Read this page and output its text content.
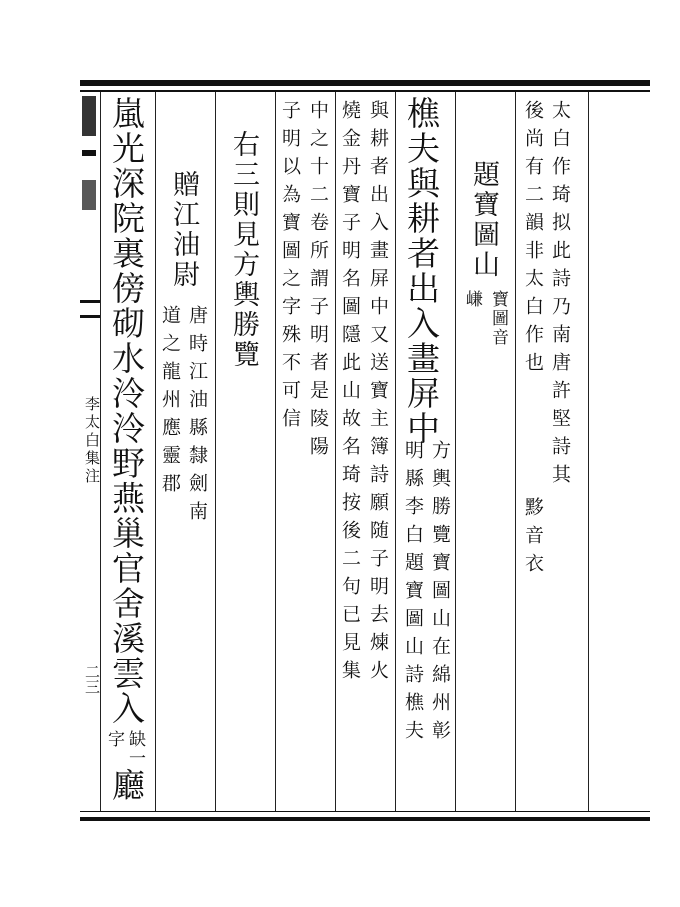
李太白集注
二三
太白作琦拟此詩乃南唐許堅詩其
後尚有二韻非太白作也
黟音衣
題寶圖山
寶圖音
嵰
樵夫與耕者出入畫屏中
方輿勝覽寶圖山在綿州彰
明縣李白題寶圖山詩樵夫
與耕者出入畫屏中又送寶主簿詩願随子明去煉火
燒金丹寶子明名圖隱此山故名琦按後二句已見集
中之十二卷所謂子明者是陵陽
子明以為寶圖之字殊不可信
右三則見方輿勝覽
贈江油尉
唐時江油縣隸劍南
道之龍州應靈郡
嵐光深院裏傍砌水泠泠野燕巢官舍溪雲入
缺一
字
廳
